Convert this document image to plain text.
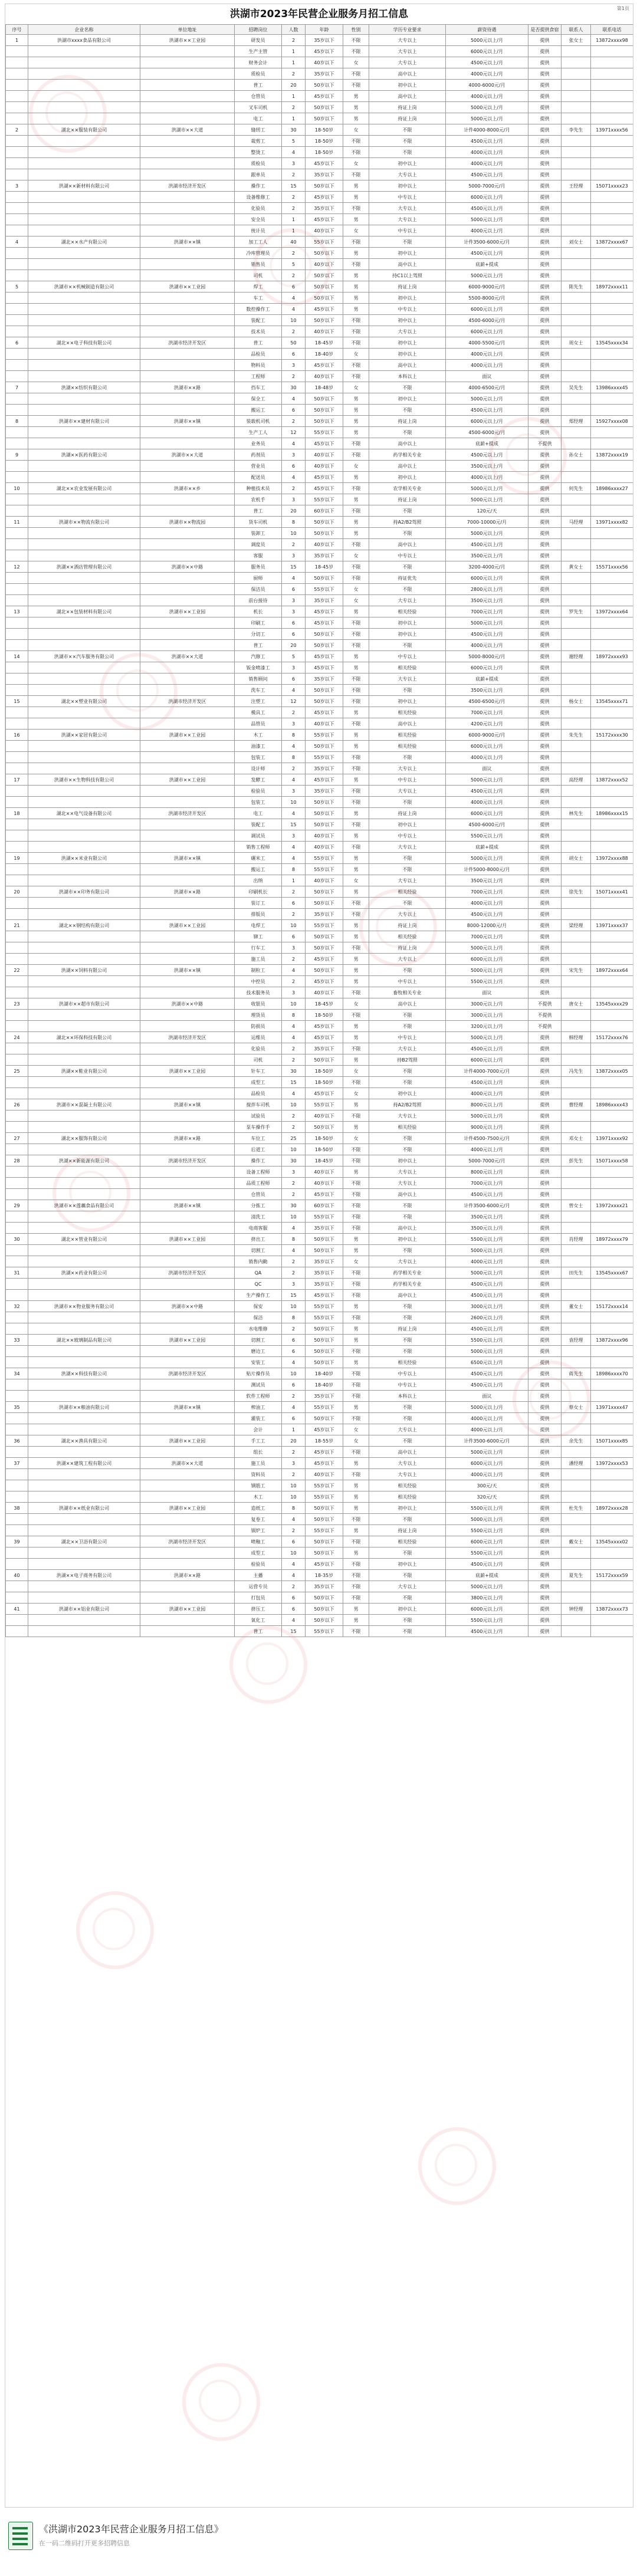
洪湖市2023年民营企业服务月招工信息	第1页
序号	企业名称	单位地址	招聘岗位	人数	年龄	性别	学历专业要求	薪资待遇	是否提供食宿	联系人	联系电话
1	洪湖市xxxx食品有限公司	洪湖市××工业园	研发员	2	35岁以下	不限	大专以上	5000元以上/月	提供	张女士	13872xxxx98
			生产主管	1	45岁以下	不限	大专以上	6000元以上/月	提供		
			财务会计	1	40岁以下	女	大专以上	4500元以上/月	提供		
			质检员	2	35岁以下	不限	高中以上	4000元以上/月	提供		
			普工	20	50岁以下	不限	初中以上	4000-6000元/月	提供		
			仓管员	1	45岁以下	男	高中以上	4000元以上/月	提供		
			叉车司机	2	50岁以下	男	持证上岗	5000元以上/月	提供		
			电工	1	50岁以下	男	持证上岗	5000元以上/月	提供		
2	湖北××服装有限公司	洪湖市××大道	缝纫工	30	18-50岁	女	不限	计件4000-8000元/月	提供	李先生	13971xxxx56
			裁剪工	5	18-50岁	不限	不限	4500元以上/月	提供		
			整烫工	4	18-50岁	不限	不限	4000元以上/月	提供		
			质检员	3	45岁以下	女	初中以上	4000元以上/月	提供		
			跟单员	2	35岁以下	不限	大专以上	4500元以上/月	提供		
3	洪湖××新材料有限公司	洪湖市经济开发区	操作工	15	50岁以下	男	初中以上	5000-7000元/月	提供	王经理	15071xxxx23
			设备维修工	2	45岁以下	男	中专以上	6000元以上/月	提供		
			化验员	2	35岁以下	不限	大专以上	4500元以上/月	提供		
			安全员	1	45岁以下	男	大专以上	5000元以上/月	提供		
			统计员	1	40岁以下	女	中专以上	4000元以上/月	提供		
4	湖北××水产有限公司	洪湖市××镇	加工工人	40	55岁以下	不限	不限	计件3500-6000元/月	提供	刘女士	13872xxxx67
			冷库管理员	2	50岁以下	男	初中以上	4500元以上/月	提供		
			销售员	5	40岁以下	不限	高中以上	底薪+提成	提供		
			司机	2	50岁以下	男	持C1以上驾照	5000元以上/月	提供		
5	洪湖市××机械制造有限公司	洪湖市××工业园	焊工	6	50岁以下	男	持证上岗	6000-9000元/月	提供	陈先生	18972xxxx11
			车工	4	50岁以下	男	初中以上	5500-8000元/月	提供		
			数控操作工	4	45岁以下	男	中专以上	6000元以上/月	提供		
			装配工	10	50岁以下	不限	初中以上	4500-6000元/月	提供		
			技术员	2	40岁以下	不限	大专以上	6000元以上/月	提供		
6	湖北××电子科技有限公司	洪湖市经济开发区	普工	50	18-45岁	不限	初中以上	4000-5500元/月	提供	周女士	13545xxxx34
			品检员	6	18-40岁	女	初中以上	4000元以上/月	提供		
			物料员	3	45岁以下	不限	高中以上	4000元以上/月	提供		
			工程师	2	40岁以下	不限	本科以上	面议	提供		
7	洪湖××纺织有限公司	洪湖市××路	挡车工	30	18-48岁	女	不限	4000-6500元/月	提供	吴先生	13986xxxx45
			保全工	4	50岁以下	男	初中以上	5000元以上/月	提供		
			搬运工	6	50岁以下	男	不限	4500元以上/月	提供		
8	洪湖市××建材有限公司	洪湖市××镇	装载机司机	2	50岁以下	男	持证上岗	6000元以上/月	提供	郑经理	15927xxxx08
			生产工人	12	55岁以下	男	不限	4500-6000元/月	提供		
			业务员	4	45岁以下	不限	高中以上	底薪+提成	不提供		
9	洪湖××医药有限公司	洪湖市××大道	药剂员	3	40岁以下	不限	药学相关专业	4500元以上/月	提供	孙女士	13872xxxx19
			营业员	6	40岁以下	女	高中以上	3500元以上/月	提供		
			配送员	4	45岁以下	男	初中以上	4000元以上/月	提供		
10	湖北××农业发展有限公司	洪湖市××乡	种植技术员	2	45岁以下	不限	农学相关专业	5000元以上/月	提供	何先生	18986xxxx27
			农机手	3	55岁以下	男	持证上岗	5000元以上/月	提供		
			普工	20	60岁以下	不限	不限	120元/天	提供		
11	洪湖市××物流有限公司	洪湖市××物流园	货车司机	8	50岁以下	男	持A2/B2驾照	7000-10000元/月	提供	马经理	13971xxxx82
			装卸工	10	50岁以下	男	不限	5000元以上/月	提供		
			调度员	2	40岁以下	不限	高中以上	4500元以上/月	提供		
			客服	3	35岁以下	女	中专以上	3500元以上/月	提供		
12	洪湖××酒店管理有限公司	洪湖市××中路	服务员	15	18-45岁	不限	不限	3200-4000元/月	提供	黄女士	15571xxxx56
			厨师	4	50岁以下	不限	持证优先	6000元以上/月	提供		
			保洁员	6	55岁以下	女	不限	2800元以上/月	提供		
			前台接待	3	35岁以下	女	大专以上	3500元以上/月	提供		
13	湖北××包装材料有限公司	洪湖市××工业园	机长	3	45岁以下	男	相关经验	7000元以上/月	提供	罗先生	13972xxxx64
			印刷工	6	45岁以下	不限	初中以上	5000元以上/月	提供		
			分切工	6	50岁以下	不限	初中以上	4500元以上/月	提供		
			普工	20	50岁以下	不限	不限	4000元以上/月	提供		
14	洪湖市××汽车服务有限公司	洪湖市××大道	汽修工	5	45岁以下	男	中专以上	5000-8000元/月	提供	谢经理	18972xxxx93
			钣金喷漆工	3	45岁以下	男	相关经验	6000元以上/月	提供		
			销售顾问	6	35岁以下	不限	大专以上	底薪+提成	提供		
			洗车工	4	50岁以下	不限	不限	3500元以上/月	提供		
15	湖北××塑业有限公司	洪湖市经济开发区	注塑工	12	50岁以下	不限	初中以上	4500-6500元/月	提供	杨女士	13545xxxx71
			模具工	2	45岁以下	男	相关经验	7000元以上/月	提供		
			品管员	3	40岁以下	不限	高中以上	4200元以上/月	提供		
16	洪湖××家居有限公司	洪湖市××工业园	木工	8	55岁以下	男	相关经验	6000-9000元/月	提供	朱先生	15172xxxx30
			油漆工	4	50岁以下	男	相关经验	6000元以上/月	提供		
			包装工	8	55岁以下	不限	不限	4000元以上/月	提供		
			设计师	2	35岁以下	不限	大专以上	面议	提供		
17	洪湖市××生物科技有限公司	洪湖市××工业园	发酵工	4	45岁以下	男	中专以上	5000元以上/月	提供	高经理	13872xxxx52
			检验员	3	35岁以下	不限	大专以上	4500元以上/月	提供		
			包装工	10	50岁以下	不限	不限	4000元以上/月	提供		
18	湖北××电气设备有限公司	洪湖市经济开发区	电工	4	50岁以下	男	持证上岗	6000元以上/月	提供	林先生	18986xxxx15
			装配工	15	50岁以下	不限	初中以上	4500-6000元/月	提供		
			调试员	3	40岁以下	男	中专以上	5500元以上/月	提供		
			销售工程师	4	40岁以下	不限	大专以上	底薪+提成	提供		
19	洪湖××米业有限公司	洪湖市××镇	碾米工	4	55岁以下	男	不限	5000元以上/月	提供	胡女士	13972xxxx88
			搬运工	8	55岁以下	男	不限	计件5000-8000元/月	提供		
			出纳	1	40岁以下	女	大专以上	3500元以上/月	提供		
20	洪湖市××印务有限公司	洪湖市××路	印刷机长	2	50岁以下	男	相关经验	7000元以上/月	提供	徐先生	15071xxxx41
			装订工	6	50岁以下	不限	不限	4000元以上/月	提供		
			排版员	2	35岁以下	不限	大专以上	4500元以上/月	提供		
21	湖北××钢结构有限公司	洪湖市××工业园	电焊工	10	55岁以下	男	持证上岗	8000-12000元/月	提供	梁经理	13971xxxx37
			铆工	6	50岁以下	男	相关经验	7000元以上/月	提供		
			行车工	3	50岁以下	不限	持证上岗	5000元以上/月	提供		
			施工员	2	45岁以下	男	大专以上	6000元以上/月	提供		
22	洪湖××饲料有限公司	洪湖市××镇	制粒工	4	50岁以下	男	不限	5000元以上/月	提供	宋先生	18972xxxx64
			中控员	2	45岁以下	男	中专以上	5500元以上/月	提供		
			技术服务员	3	40岁以下	不限	畜牧相关专业	面议	提供		
23	洪湖市××超市有限公司	洪湖市××中路	收银员	10	18-45岁	女	高中以上	3000元以上/月	不提供	唐女士	13545xxxx29
			理货员	8	18-50岁	不限	不限	3000元以上/月	不提供		
			防损员	4	45岁以下	男	不限	3200元以上/月	不提供		
24	湖北××环保科技有限公司	洪湖市经济开发区	运维员	4	45岁以下	男	中专以上	5000元以上/月	提供	韩经理	15172xxxx76
			化验员	2	35岁以下	不限	大专以上	4500元以上/月	提供		
			司机	2	50岁以下	男	持B2驾照	6000元以上/月	提供		
25	洪湖××鞋业有限公司	洪湖市××工业园	针车工	30	18-50岁	女	不限	计件4000-7000元/月	提供	冯先生	13872xxxx05
			成型工	15	18-50岁	不限	不限	4500元以上/月	提供		
			品检员	4	45岁以下	女	初中以上	4000元以上/月	提供		
26	洪湖市××混凝土有限公司	洪湖市××镇	搅拌车司机	10	55岁以下	男	持A2/B2驾照	8000元以上/月	提供	曹经理	18986xxxx43
			试验员	2	40岁以下	不限	大专以上	5000元以上/月	提供		
			泵车操作手	2	50岁以下	男	相关经验	9000元以上/月	提供		
27	湖北××服饰有限公司	洪湖市××路	车位工	25	18-50岁	女	不限	计件4500-7500元/月	提供	邓女士	13971xxxx92
			后道工	10	18-50岁	不限	不限	4000元以上/月	提供		
28	洪湖××新能源有限公司	洪湖市经济开发区	操作工	30	18-45岁	不限	初中以上	5000-7000元/月	提供	彭先生	15071xxxx58
			设备工程师	3	40岁以下	男	大专以上	8000元以上/月	提供		
			品质工程师	2	40岁以下	不限	大专以上	7000元以上/月	提供		
			仓管员	2	45岁以下	不限	高中以上	4500元以上/月	提供		
29	洪湖市××莲藕食品有限公司	洪湖市××镇	分拣工	30	60岁以下	不限	不限	计件3500-6000元/月	提供	曾女士	13972xxxx21
			清洗工	10	55岁以下	不限	不限	3500元以上/月	提供		
			电商客服	4	35岁以下	不限	高中以上	3500元以上/月	提供		
30	湖北××管业有限公司	洪湖市××工业园	挤出工	8	50岁以下	男	初中以上	5500元以上/月	提供	肖经理	18972xxxx79
			切割工	4	50岁以下	男	不限	5000元以上/月	提供		
			销售内勤	2	35岁以下	女	大专以上	4000元以上/月	提供		
31	洪湖××药业有限公司	洪湖市经济开发区	QA	2	35岁以下	不限	药学相关专业	5000元以上/月	提供	田先生	13545xxxx67
			QC	3	35岁以下	不限	药学相关专业	4500元以上/月	提供		
			生产操作工	15	45岁以下	不限	高中以上	4500元以上/月	提供		
32	洪湖市××物业服务有限公司	洪湖市××中路	保安	10	55岁以下	男	不限	3000元以上/月	提供	董女士	15172xxxx14
			保洁	8	55岁以下	不限	不限	2600元以上/月	提供		
			水电维修	2	50岁以下	男	持证上岗	4500元以上/月	提供		
33	湖北××玻璃制品有限公司	洪湖市××工业园	切割工	6	50岁以下	男	不限	5500元以上/月	提供	袁经理	13872xxxx96
			磨边工	6	50岁以下	不限	不限	5000元以上/月	提供		
			安装工	4	50岁以下	男	相关经验	6500元以上/月	提供		
34	洪湖××科技有限公司	洪湖市经济开发区	贴片操作员	10	18-40岁	不限	中专以上	4500元以上/月	提供	蒋先生	18986xxxx70
			测试员	6	18-40岁	不限	中专以上	4500元以上/月	提供		
			软件工程师	2	35岁以下	不限	本科以上	面议	提供		
35	洪湖市××粮油有限公司	洪湖市××镇	榨油工	4	55岁以下	男	不限	5000元以上/月	提供	蔡女士	13971xxxx47
			灌装工	6	50岁以下	不限	不限	4000元以上/月	提供		
			会计	1	45岁以下	女	大专以上	4000元以上/月	提供		
36	湖北××渔具有限公司	洪湖市××工业园	手工工	20	18-55岁	女	不限	计件3500-6000元/月	提供	余先生	15071xxxx85
			组长	2	45岁以下	不限	高中以上	5000元以上/月	提供		
37	洪湖××建筑工程有限公司	洪湖市××大道	施工员	3	45岁以下	男	大专以上	6000元以上/月	提供	潘经理	13972xxxx53
			资料员	2	40岁以下	不限	大专以上	4000元以上/月	提供		
			钢筋工	10	55岁以下	男	相关经验	300元/天	提供		
			木工	10	55岁以下	男	相关经验	320元/天	提供		
38	洪湖市××纸业有限公司	洪湖市××工业园	造纸工	8	50岁以下	男	初中以上	5500元以上/月	提供	杜先生	18972xxxx28
			复卷工	4	50岁以下	不限	不限	5000元以上/月	提供		
			锅炉工	2	55岁以下	男	持证上岗	5500元以上/月	提供		
39	湖北××卫浴有限公司	洪湖市经济开发区	喷釉工	6	50岁以下	不限	相关经验	6000元以上/月	提供	戴女士	13545xxxx02
			成型工	10	50岁以下	男	不限	5500元以上/月	提供		
			检验员	4	45岁以下	不限	初中以上	4500元以上/月	提供		
40	洪湖××电子商务有限公司	洪湖市××路	主播	4	18-35岁	不限	不限	底薪+提成	提供	夏先生	15172xxxx59
			运营专员	2	35岁以下	不限	大专以上	5000元以上/月	提供		
			打包员	6	50岁以下	不限	不限	3800元以上/月	提供		
41	洪湖市××铝业有限公司	洪湖市××工业园	挤压工	6	50岁以下	男	初中以上	6000元以上/月	提供	钟经理	13872xxxx73
			氧化工	4	50岁以下	男	不限	5500元以上/月	提供		
			普工	15	55岁以下	不限	不限	4500元以上/月	提供		
《洪湖市2023年民营企业服务月招工信息》
在一码二维码打开更多招聘信息
